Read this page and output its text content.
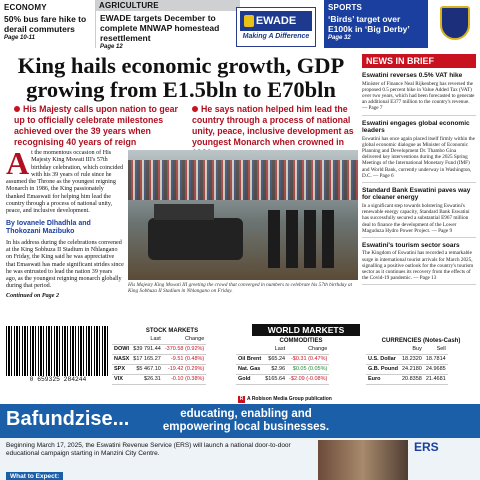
ECONOMY
50% bus fare hike to derail commuters
Page 10-11
AGRICULTURE
EWADE targets December to complete MNWAP homestead resettlement
Page 12
EWADE
Making A Difference
SPORTS
‘Birds’ target over E100k in ‘Big Derby’
Page 32
King hails economic growth, GDP growing from E1.5bln to E70bln
His Majesty calls upon nation to gear up to officially celebrate milestones achieved over the 39 years when recognising 40 years of reign
He says nation helped him lead the country through a process of national unity, peace, inclusive development as youngest Monarch when crowned in
A t the momentous occasion of His Majesty King Mswati III's 57th birthday celebration, which coincided with his 39 years of rule since he assumed the Throne as the youngest reigning Monarch in 1986, the King passionately thanked Emaswati for helping him lead the country through a process of national unity, peace, and inclusive development.

By Iovanele Dlhadhla and Thokozani Mazibuko

In his address during the celebrations convened at the King Sobhuza II Stadium in Nhlangano on Friday, the King said he was appreciative that Emaswati has made significant strides since he was entrusted to lead the nation 39 years ago, as the youngest reigning monarch globally during that period.

Continued on Page 2
His Majesty King Mswati III greeting the crowd that converged in numbers to celebrate his 57th birthday at King Sobhuza II Stadium in Nhlangano on Friday.
NEWS IN BRIEF
Eswatini reverses 0.5% VAT hike

Minister of Finance Neal Rijkenberg has reversed the proposed 0.5 percent hike in Value Added Tax (VAT) over two years, which had been forecasted to generate an additional E377 million to the country's revenue. — Page 7

Eswatini engages global economic leaders

Eswatini has once again placed itself firmly within the global economic dialogue as Minister of Economic Planning and Development Dr. Thambo Gina delivered key interventions during the 2025 Spring Meetings of the International Monetary Fund (IMF) and World Bank, currently underway in Washington, D.C. — Page 6

Standard Bank Eswatini paves way for cleaner energy

In a significant step towards bolstering Eswatini's renewable energy capacity, Standard Bank Eswatini has successfully secured a substantial E967 million deal to finance the development of the Lower Maguduza Hydro Power Project. — Page 9

Eswatini's tourism sector soars

The Kingdom of Eswatini has recorded a remarkable surge in international tourist arrivals for March 2025, signalling a positive outlook for the country's tourism sector as it continues its recovery from the effects of the Covid-19 pandemic. — Page 13

0 659325 284244
WORLD MARKETS
STOCK MARKETS
	Last	Change
DOWI	$39 791.44	-370.58 (0.92%)
NASX	$17 165.27	-9.51 (0.48%)
SPX	$5 467.10	-19.42 (0.29%)
VIX	$26.31	-0.10 (0.38%)
COMMODITIES
	Last	Change
Oil Brent	$65.24	-$0.31 (0.47%)
Nat. Gas	$2.96	$0.05 (0.05%)
Gold	$165.64	-$2.09 (-0.08%)
CURRENCIES (Notes-Cash)
	Buy	Sell
U.S. Dollar	18.2320	18.7814
G.B. Pound	24.2180	24.9685
Euro	20.8358	21.4681
R A Robison Media Group publication
Bafundzise...	educating, enabling and empowering local businesses.
ERS
Beginning March 17, 2025, the Eswatini Revenue Service (ERS) will launch a national door-to-door educational campaign starting in Manzini City Centre.
What to Expect:
